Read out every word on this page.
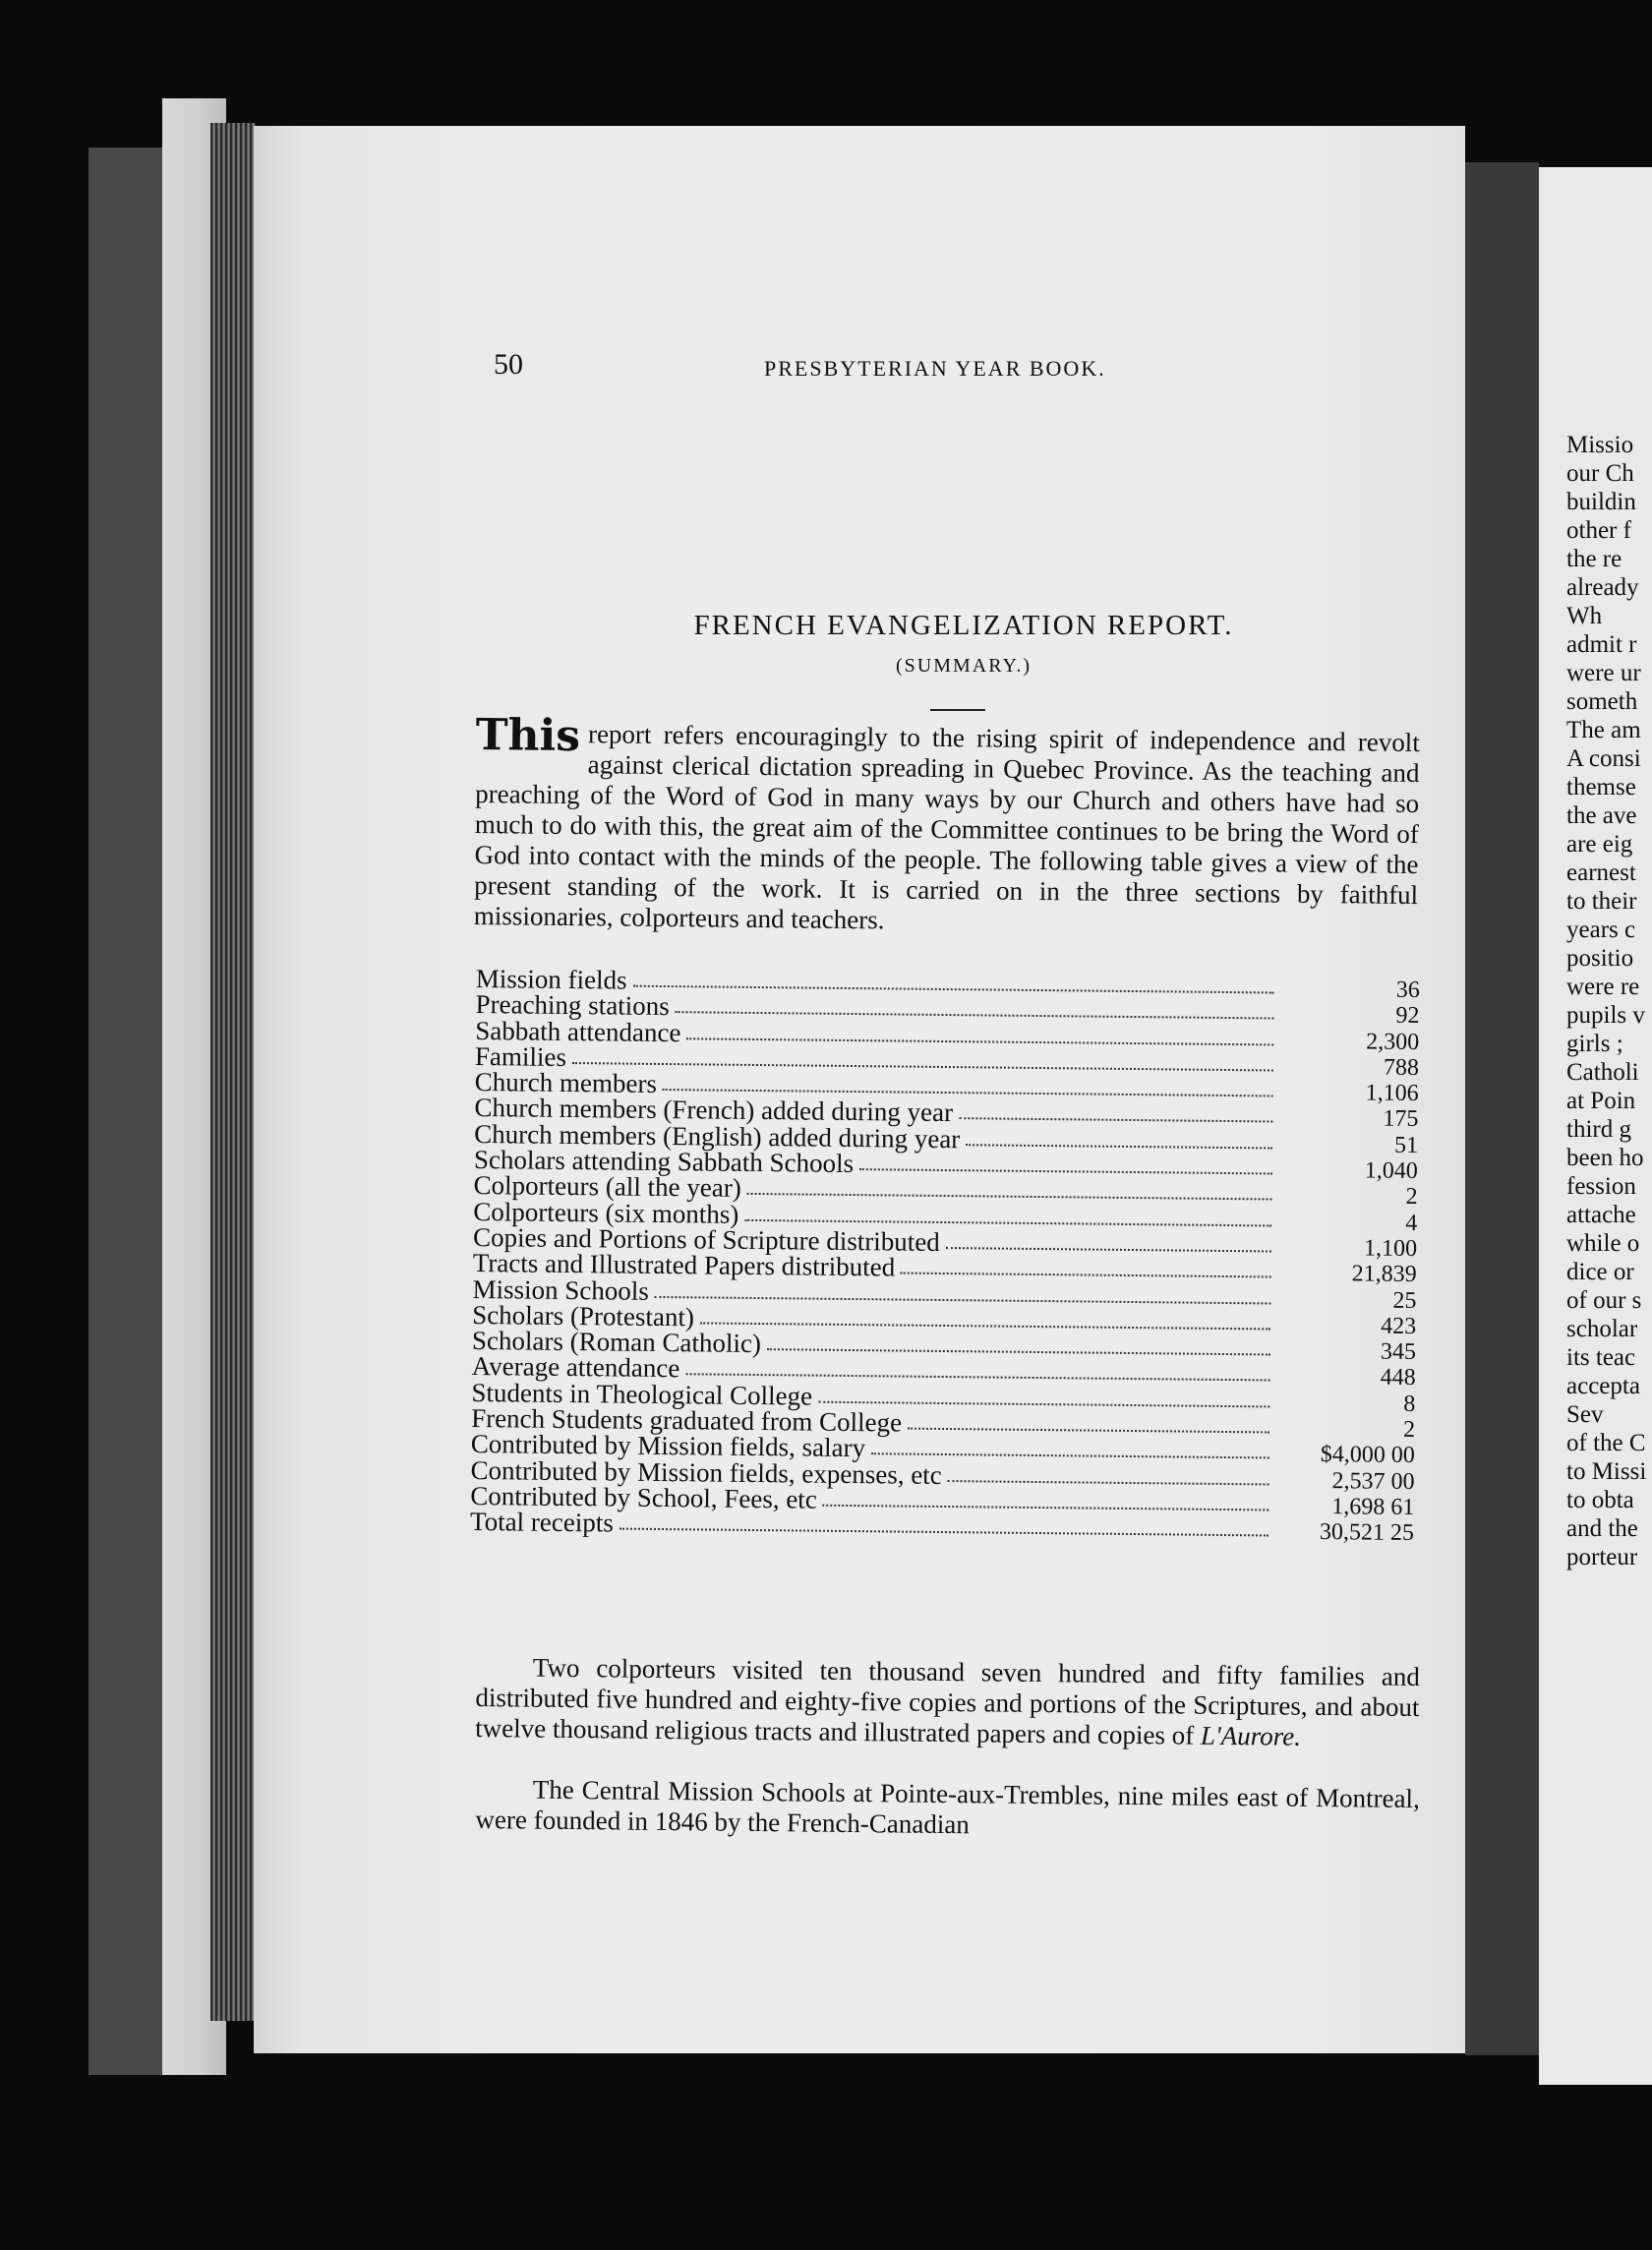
Missio
our Ch
buildin
other f
the re
already
Wh
admit r
were ur
someth
The am
A consi
themse
the ave
are eig
earnest
to their
years c
positio
were re
pupils v
girls ;
Catholi
at Poin
third g
been ho
fession
attache
while o
dice or
of our s
scholar
its teac
accepta
Sev
of the C
to Missi
to obta
and the
porteur
50	PRESBYTERIAN YEAR BOOK.
FRENCH EVANGELIZATION REPORT.
(SUMMARY.)
This report refers encouragingly to the rising spirit of independence and revolt against clerical dictation spreading in Quebec Province. As the teaching and preaching of the Word of God in many ways by our Church and others have had so much to do with this, the great aim of the Committee continues to be bring the Word of God into contact with the minds of the people. The following table gives a view of the present standing of the work. It is carried on in the three sections by faithful missionaries, colporteurs and teachers.
Mission fields	36
Preaching stations	92
Sabbath attendance	2,300
Families	788
Church members	1,106
Church members (French) added during year	175
Church members (English) added during year	51
Scholars attending Sabbath Schools	1,040
Colporteurs (all the year)	2
Colporteurs (six months)	4
Copies and Portions of Scripture distributed	1,100
Tracts and Illustrated Papers distributed	21,839
Mission Schools	25
Scholars (Protestant)	423
Scholars (Roman Catholic)	345
Average attendance	448
Students in Theological College	8
French Students graduated from College	2
Contributed by Mission fields, salary	$4,000 00
Contributed by Mission fields, expenses, etc	2,537 00
Contributed by School, Fees, etc	1,698 61
Total receipts	30,521 25
Two colporteurs visited ten thousand seven hundred and fifty families and distributed five hundred and eighty-five copies and portions of the Scriptures, and about twelve thousand religious tracts and illustrated papers and copies of L'Aurore.
The Central Mission Schools at Pointe-aux-Trembles, nine miles east of Montreal, were founded in 1846 by the French-Canadian
